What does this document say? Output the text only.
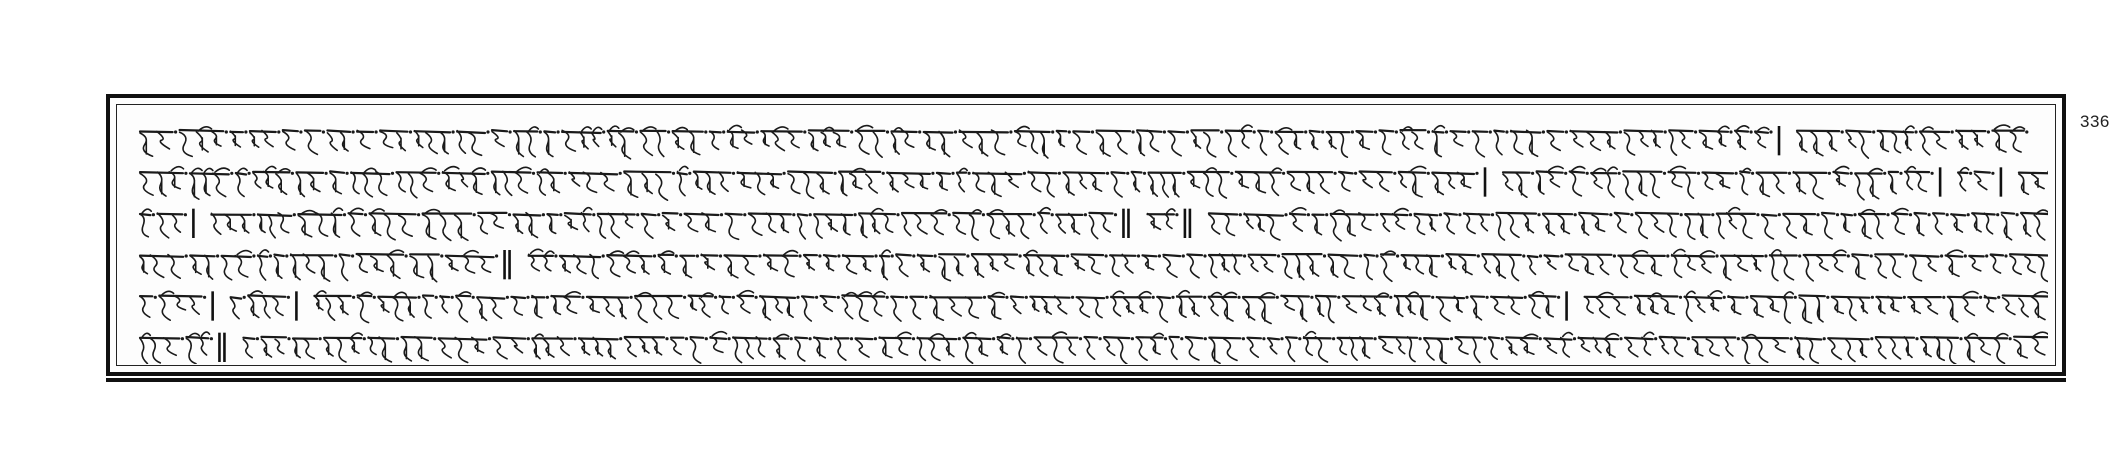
336
